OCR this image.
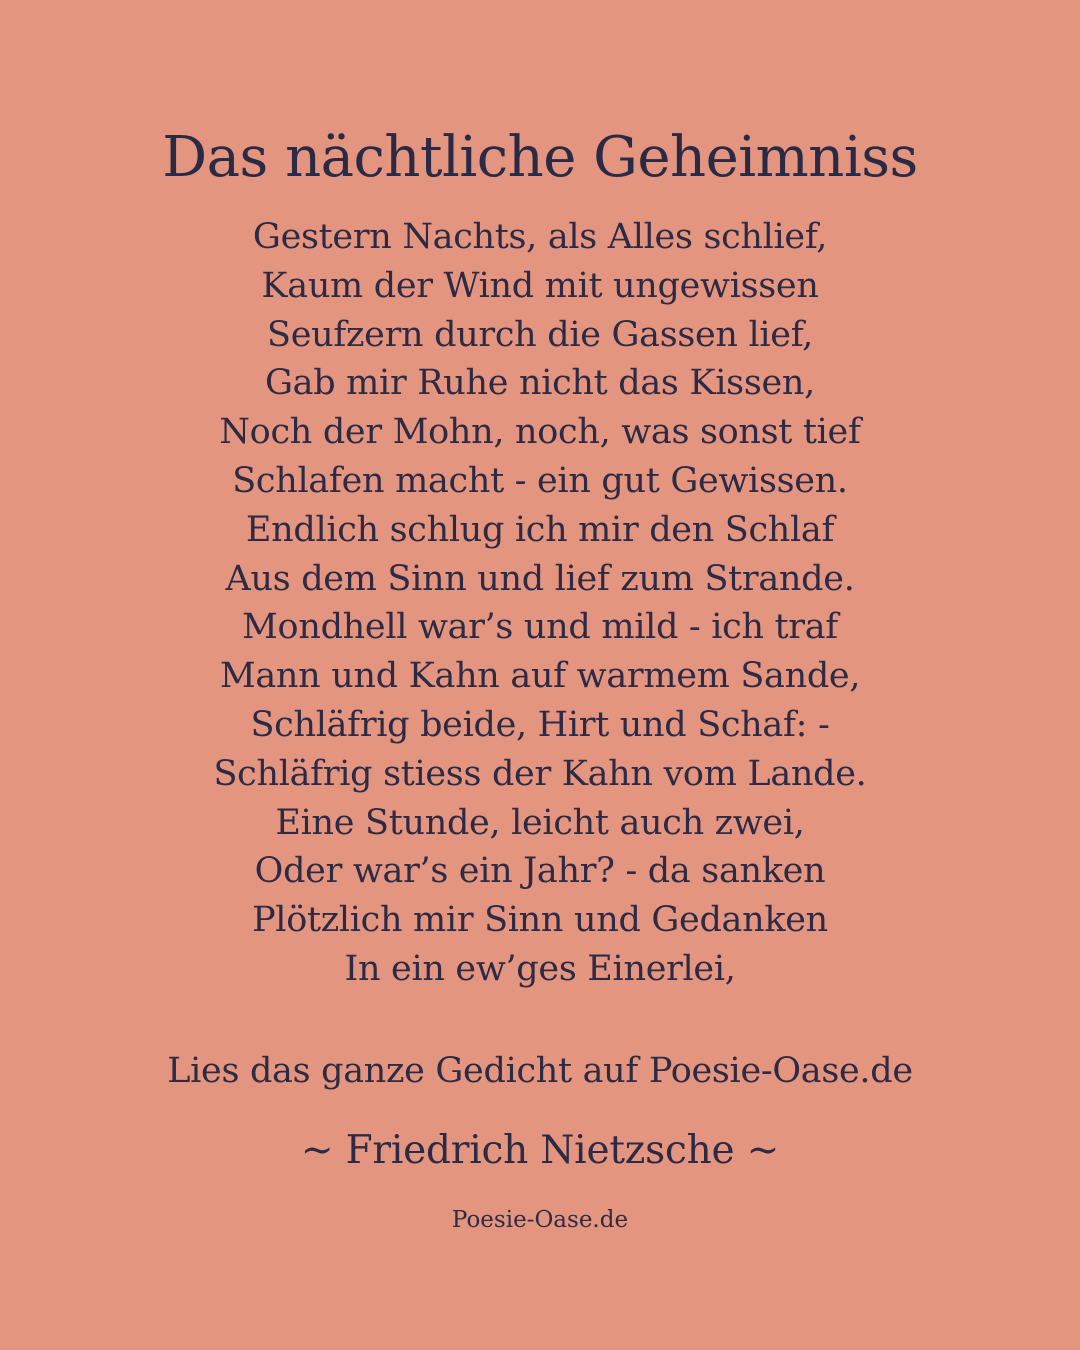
Das nächtliche Geheimniss
Gestern Nachts, als Alles schlief,
Kaum der Wind mit ungewissen
Seufzern durch die Gassen lief,
Gab mir Ruhe nicht das Kissen,
Noch der Mohn, noch, was sonst tief
Schlafen macht - ein gut Gewissen.
Endlich schlug ich mir den Schlaf
Aus dem Sinn und lief zum Strande.
Mondhell war’s und mild - ich traf
Mann und Kahn auf warmem Sande,
Schläfrig beide, Hirt und Schaf: -
Schläfrig stiess der Kahn vom Lande.
Eine Stunde, leicht auch zwei,
Oder war’s ein Jahr? - da sanken
Plötzlich mir Sinn und Gedanken
In ein ew’ges Einerlei,
Lies das ganze Gedicht auf Poesie-Oase.de
~ Friedrich Nietzsche ~
Poesie-Oase.de
